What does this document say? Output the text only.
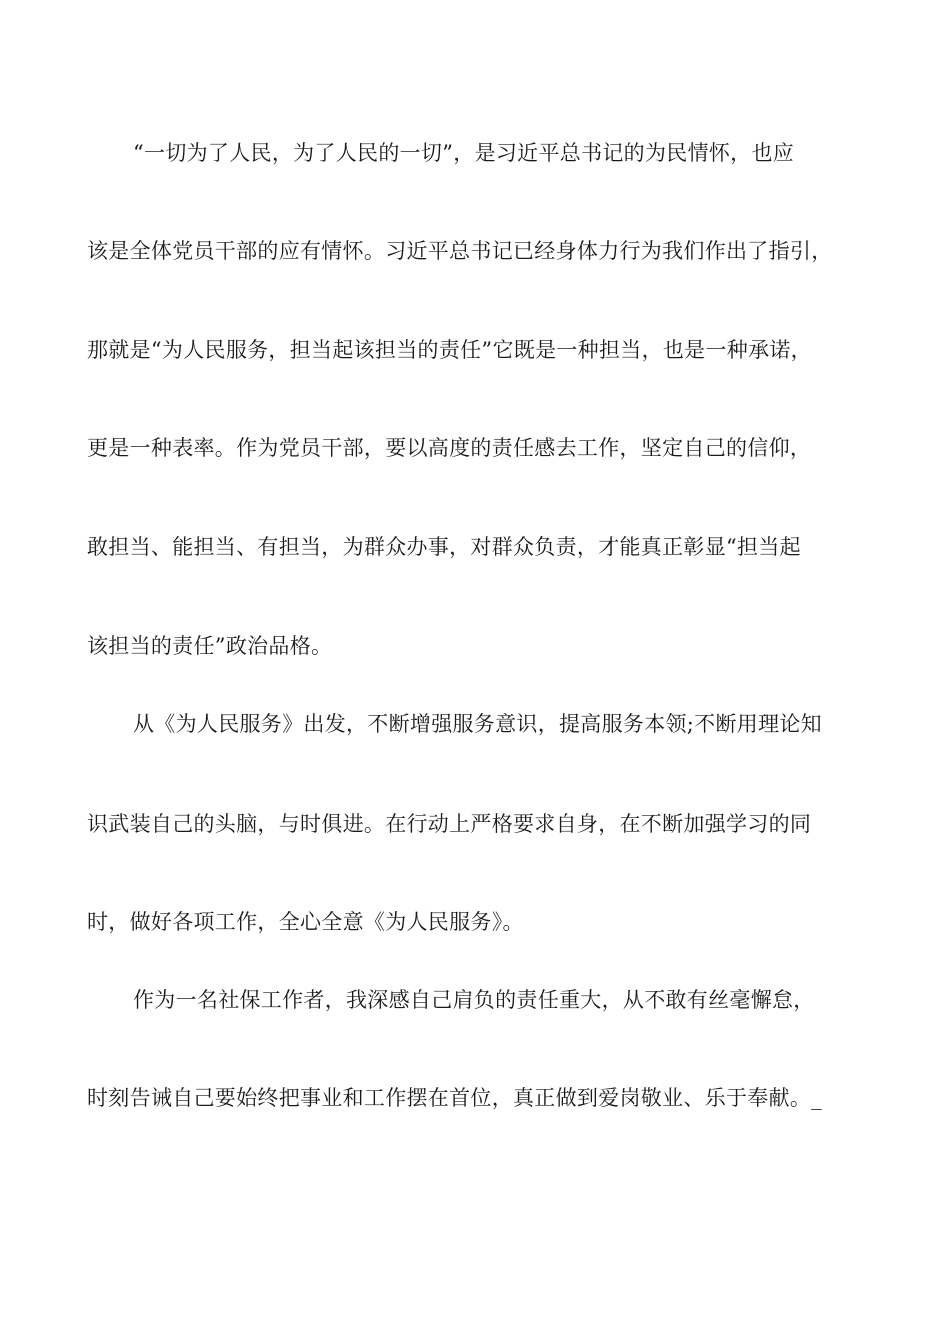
“一切为了人民，为了人民的一切”，是习近平总书记的为民情怀，也应
该是全体党员干部的应有情怀。习近平总书记已经身体力行为我们作出了指引，
那就是“为人民服务，担当起该担当的责任”它既是一种担当，也是一种承诺，
更是一种表率。作为党员干部，要以高度的责任感去工作，坚定自己的信仰，
敢担当、能担当、有担当，为群众办事，对群众负责，才能真正彰显“担当起
该担当的责任”政治品格。
从《为人民服务》出发，不断增强服务意识，提高服务本领;不断用理论知
识武装自己的头脑，与时俱进。在行动上严格要求自身，在不断加强学习的同
时，做好各项工作，全心全意《为人民服务》。
作为一名社保工作者，我深感自己肩负的责任重大，从不敢有丝毫懈怠，
时刻告诫自己要始终把事业和工作摆在首位，真正做到爱岗敬业、乐于奉献。_
